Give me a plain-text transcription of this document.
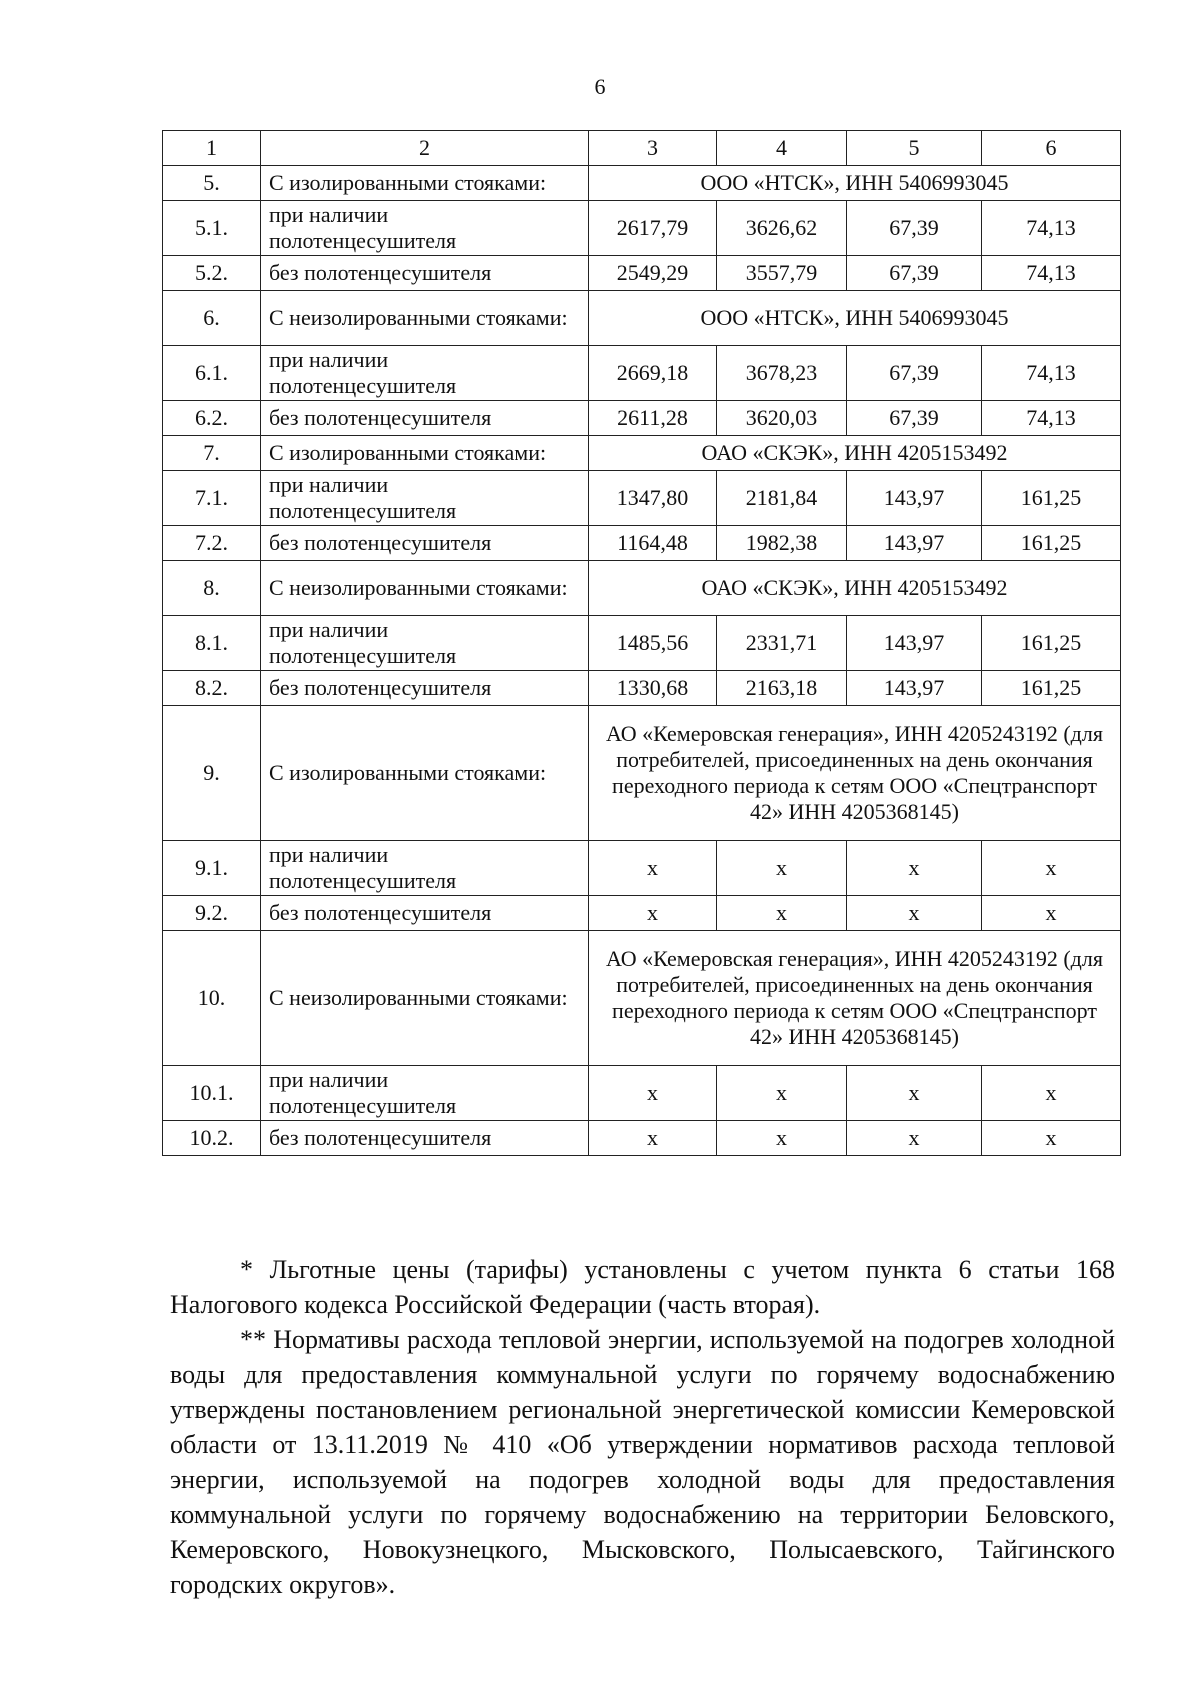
6
1	2	3	4	5	6
5.	С изолированными стояками:	ООО «НТСК», ИНН 5406993045			
5.1.	при наличии полотенцесушителя	2617,79	3626,62	67,39	74,13
5.2.	без полотенцесушителя	2549,29	3557,79	67,39	74,13
6.	С неизолированными стояками:	ООО «НТСК», ИНН 5406993045			
6.1.	при наличии полотенцесушителя	2669,18	3678,23	67,39	74,13
6.2.	без полотенцесушителя	2611,28	3620,03	67,39	74,13
7.	С изолированными стояками:	ОАО «СКЭК», ИНН 4205153492			
7.1.	при наличии полотенцесушителя	1347,80	2181,84	143,97	161,25
7.2.	без полотенцесушителя	1164,48	1982,38	143,97	161,25
8.	С неизолированными стояками:	ОАО «СКЭК», ИНН 4205153492			
8.1.	при наличии полотенцесушителя	1485,56	2331,71	143,97	161,25
8.2.	без полотенцесушителя	1330,68	2163,18	143,97	161,25
9.	С изолированными стояками:	АО «Кемеровская генерация», ИНН 4205243192 (для потребителей, присоединенных на день окончания переходного периода к сетям ООО «Спецтранспорт 42» ИНН 4205368145)			
9.1.	при наличии полотенцесушителя	х	х	х	х
9.2.	без полотенцесушителя	х	х	х	х
10.	С неизолированными стояками:	АО «Кемеровская генерация», ИНН 4205243192 (для потребителей, присоединенных на день окончания переходного периода к сетям ООО «Спецтранспорт 42» ИНН 4205368145)			
10.1.	при наличии полотенцесушителя	х	х	х	х
10.2.	без полотенцесушителя	х	х	х	х

* Льготные цены (тарифы) установлены с учетом пункта 6 статьи 168 Налогового кодекса Российской Федерации (часть вторая).

** Нормативы расхода тепловой энергии, используемой на подогрев холодной воды для предоставления коммунальной услуги по горячему водоснабжению утверждены постановлением региональной энергетической комиссии Кемеровской области от 13.11.2019 № 410 «Об утверждении нормативов расхода тепловой энергии, используемой на подогрев холодной воды для предоставления коммунальной услуги по горячему водоснабжению на территории Беловского, Кемеровского, Новокузнецкого, Мысковского, Полысаевского, Тайгинского городских округов».
